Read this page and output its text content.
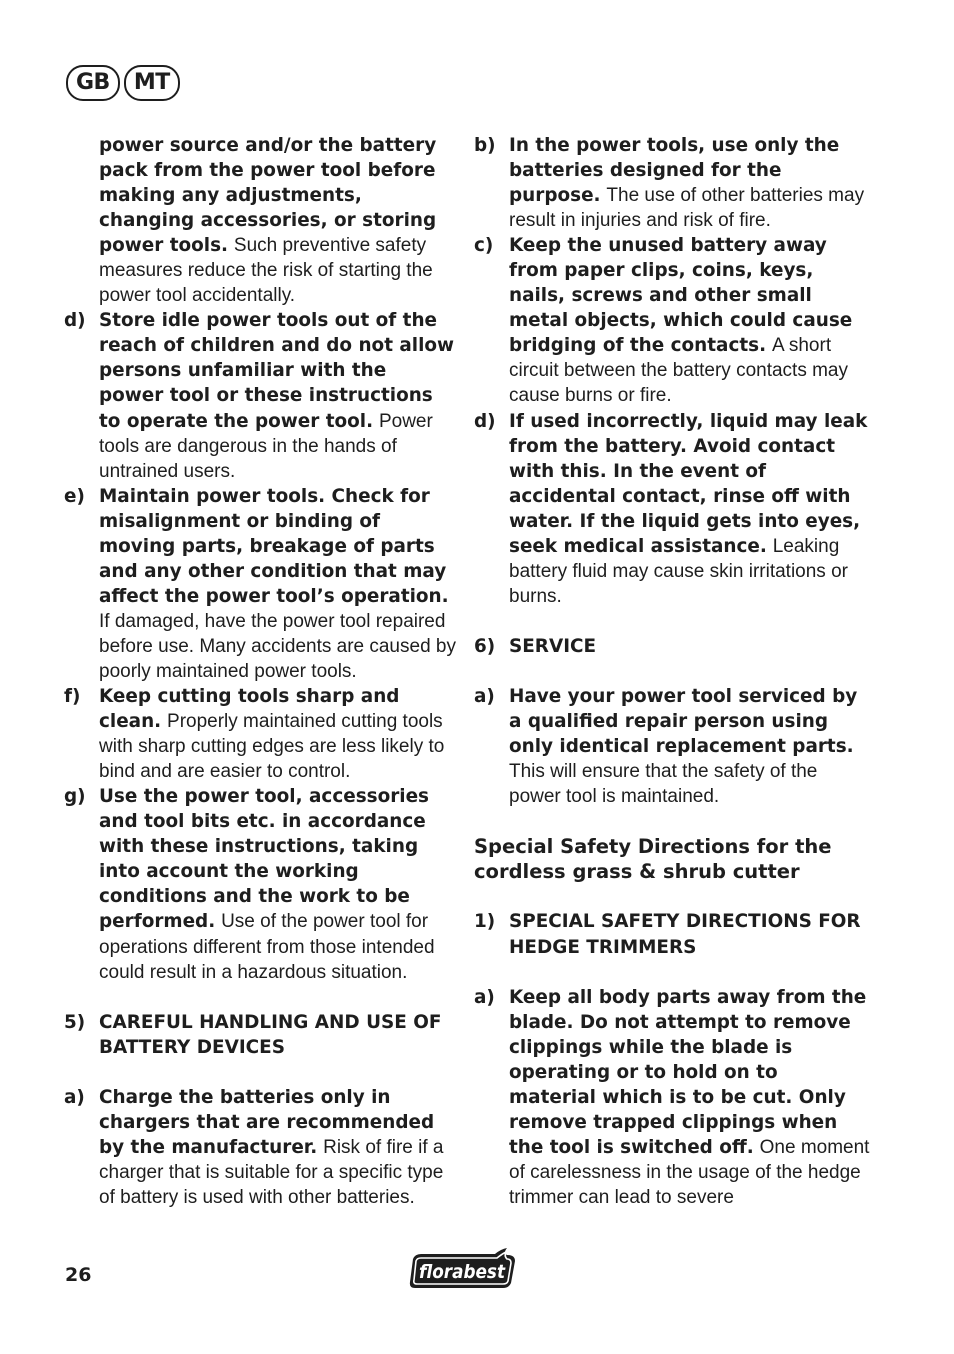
GB	MT
power source and/or the battery pack from the power tool before making any adjustments, changing accessories, or storing power tools. Such preventive safety measures reduce the risk of starting the power tool accidentally.
d) Store idle power tools out of the reach of children and do not allow persons unfamiliar with the power tool or these instructions to operate the power tool. Power tools are dangerous in the hands of untrained users.
e) Maintain power tools. Check for misalignment or binding of moving parts, breakage of parts and any other condition that may affect the power tool’s operation. If damaged, have the power tool repaired before use. Many accidents are caused by poorly maintained power tools.
f) Keep cutting tools sharp and clean. Properly maintained cutting tools with sharp cutting edges are less likely to bind and are easier to control.
g) Use the power tool, accessories and tool bits etc. in accordance with these instructions, taking into account the working conditions and the work to be performed. Use of the power tool for operations different from those intended could result in a hazardous situation.
5) CAREFUL HANDLING AND USE OF BATTERY DEVICES
a) Charge the batteries only in chargers that are recommended by the manufacturer. Risk of fire if a charger that is suitable for a specific type of battery is used with other batteries.
b) In the power tools, use only the batteries designed for the purpose. The use of other batteries may result in injuries and risk of fire.
c) Keep the unused battery away from paper clips, coins, keys, nails, screws and other small metal objects, which could cause bridging of the contacts. A short circuit between the battery contacts may cause burns or fire.
d) If used incorrectly, liquid may leak from the battery. Avoid contact with this. In the event of accidental contact, rinse off with water. If the liquid gets into eyes, seek medical assistance. Leaking battery fluid may cause skin irritations or burns.
6) SERVICE
a) Have your power tool serviced by a qualified repair person using only identical replacement parts. This will ensure that the safety of the power tool is maintained.
Special Safety Directions for the cordless grass & shrub cutter
1) SPECIAL SAFETY DIRECTIONS FOR HEDGE TRIMMERS
a) Keep all body parts away from the blade. Do not attempt to remove clippings while the blade is operating or to hold on to material which is to be cut. Only remove trapped clippings when the tool is switched off. One moment of carelessness in the usage of the hedge trimmer can lead to severe
26	florabest
